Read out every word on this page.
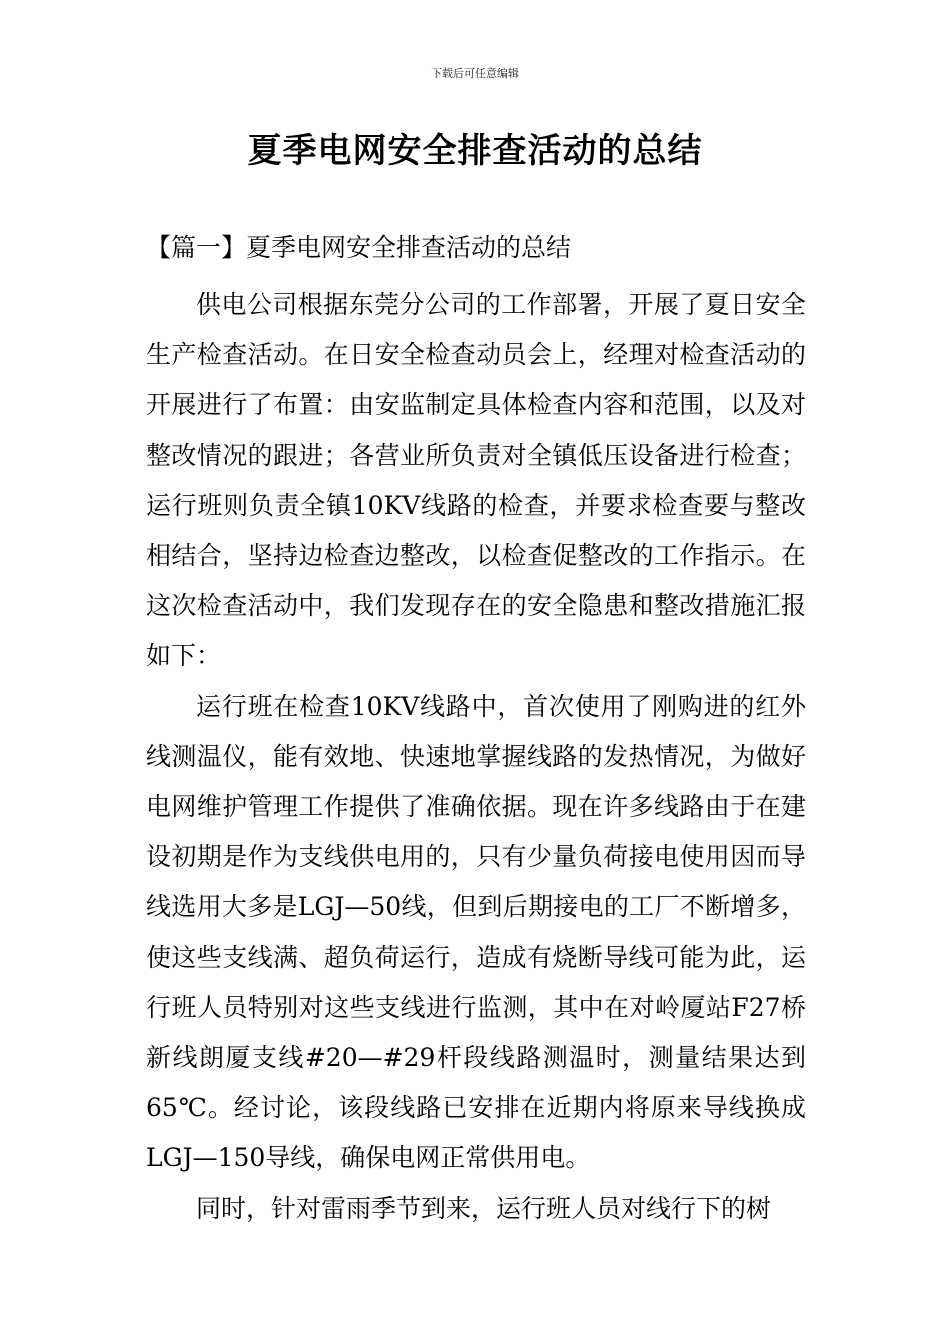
下载后可任意编辑
夏季电网安全排查活动的总结
【篇一】夏季电网安全排查活动的总结

供电公司根据东莞分公司的工作部署，开展了夏日安全生产检查活动。在日安全检查动员会上，经理对检查活动的开展进行了布置：由安监制定具体检查内容和范围，以及对整改情况的跟进；各营业所负责对全镇低压设备进行检查；运行班则负责全镇10KV线路的检查，并要求检查要与整改相结合，坚持边检查边整改，以检查促整改的工作指示。在这次检查活动中，我们发现存在的安全隐患和整改措施汇报如下：

运行班在检查10KV线路中，首次使用了刚购进的红外线测温仪，能有效地、快速地掌握线路的发热情况，为做好电网维护管理工作提供了准确依据。现在许多线路由于在建设初期是作为支线供电用的，只有少量负荷接电使用因而导线选用大多是LGJ—50线，但到后期接电的工厂不断增多，使这些支线满、超负荷运行，造成有烧断导线可能为此，运行班人员特别对这些支线进行监测，其中在对岭厦站F27桥新线朗厦支线#20—#29杆段线路测温时，测量结果达到65℃。经讨论，该段线路已安排在近期内将原来导线换成LGJ—150导线，确保电网正常供用电。

同时，针对雷雨季节到来，运行班人员对线行下的树
